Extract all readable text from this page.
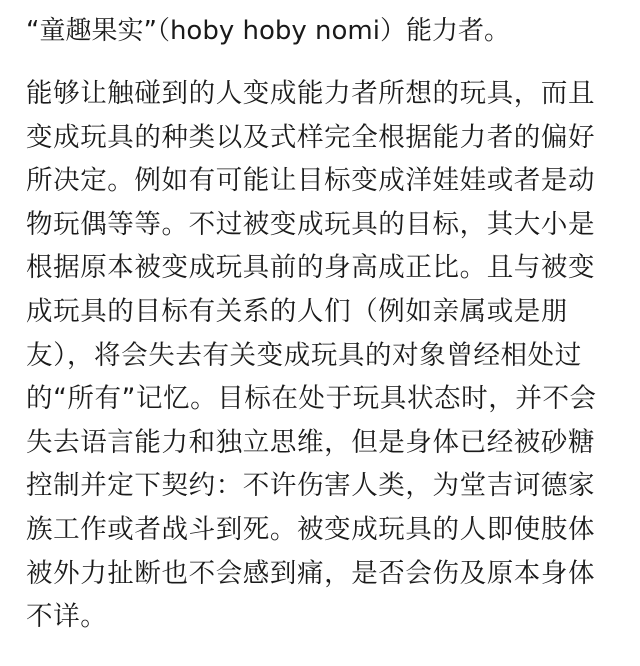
“童趣果实”（hoby hoby nomi）能力者。

能够让触碰到的人变成能力者所想的玩具，而且
变成玩具的种类以及式样完全根据能力者的偏好
所决定。例如有可能让目标变成洋娃娃或者是动
物玩偶等等。不过被变成玩具的目标，其大小是
根据原本被变成玩具前的身高成正比。且与被变
成玩具的目标有关系的人们（例如亲属或是朋
友），将会失去有关变成玩具的对象曾经相处过
的“所有”记忆。目标在处于玩具状态时，并不会
失去语言能力和独立思维，但是身体已经被砂糖
控制并定下契约：不许伤害人类，为堂吉诃德家
族工作或者战斗到死。被变成玩具的人即使肢体
被外力扯断也不会感到痛，是否会伤及原本身体
不详。
